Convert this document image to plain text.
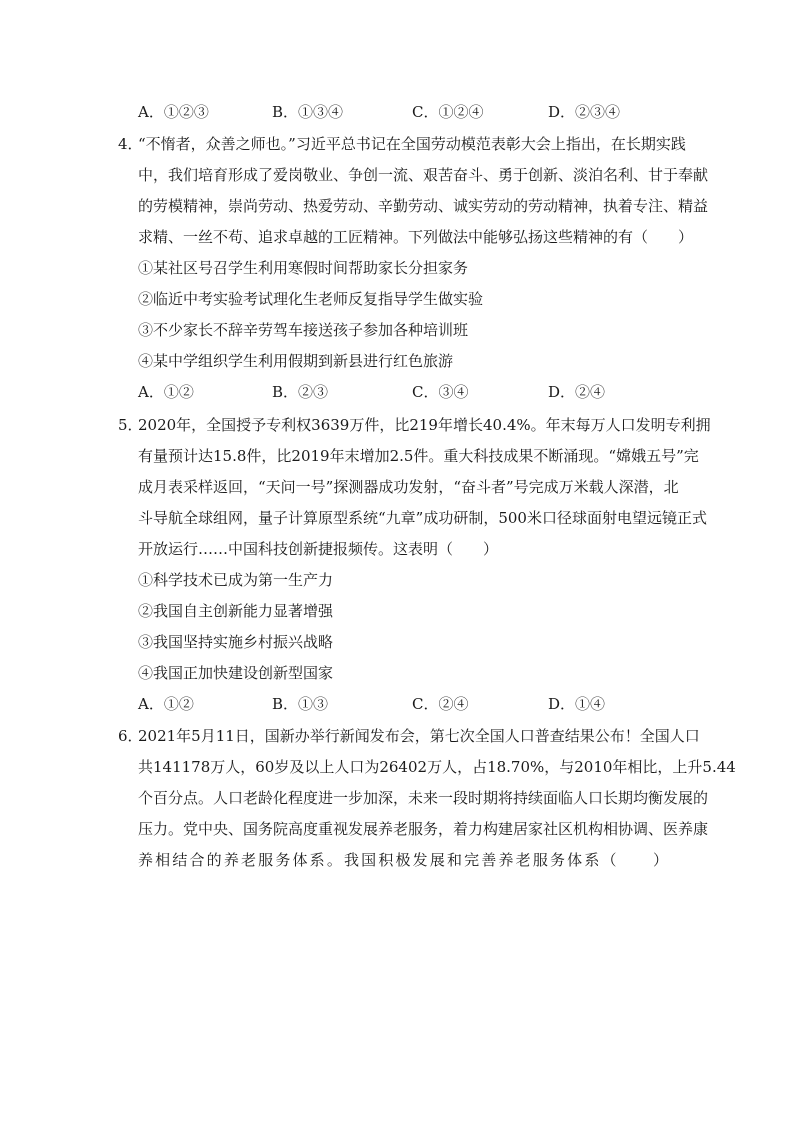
A．①②③	B．①③④	C．①②④	D．②③④
4．
“不惰者，众善之师也。”习近平总书记在全国劳动模范表彰大会上指出，在长期实践
中，我们培育形成了爱岗敬业、争创一流、艰苦奋斗、勇于创新、淡泊名利、甘于奉献
的劳模精神，崇尚劳动、热爱劳动、辛勤劳动、诚实劳动的劳动精神，执着专注、精益
求精、一丝不苟、追求卓越的工匠精神。下列做法中能够弘扬这些精神的有（　　）
①某社区号召学生利用寒假时间帮助家长分担家务
②临近中考实验考试理化生老师反复指导学生做实验
③不少家长不辞辛劳驾车接送孩子参加各种培训班
④某中学组织学生利用假期到新县进行红色旅游
A．①②	B．②③	C．③④	D．②④
5．
2020年，全国授予专利权3639万件，比219年增长40.4%。年末每万人口发明专利拥
有量预计达15.8件，比2019年末增加2.5件。重大科技成果不断涌现。“嫦娥五号”完
成月表采样返回，“天问一号”探测器成功发射，“奋斗者”号完成万米载人深潜，北
斗导航全球组网，量子计算原型系统“九章”成功研制，500米口径球面射电望远镜正式
开放运行……中国科技创新捷报频传。这表明（　　）
①科学技术已成为第一生产力
②我国自主创新能力显著增强
③我国坚持实施乡村振兴战略
④我国正加快建设创新型国家
A．①②	B．①③	C．②④	D．①④
6．
2021年5月11日，国新办举行新闻发布会，第七次全国人口普查结果公布！全国人口
共141178万人，60岁及以上人口为26402万人，占18.70%，与2010年相比，上升5.44
个百分点。人口老龄化程度进一步加深，未来一段时期将持续面临人口长期均衡发展的
压力。党中央、国务院高度重视发展养老服务，着力构建居家社区机构相协调、医养康
养相结合的养老服务体系。我国积极发展和完善养老服务体系（　　）
